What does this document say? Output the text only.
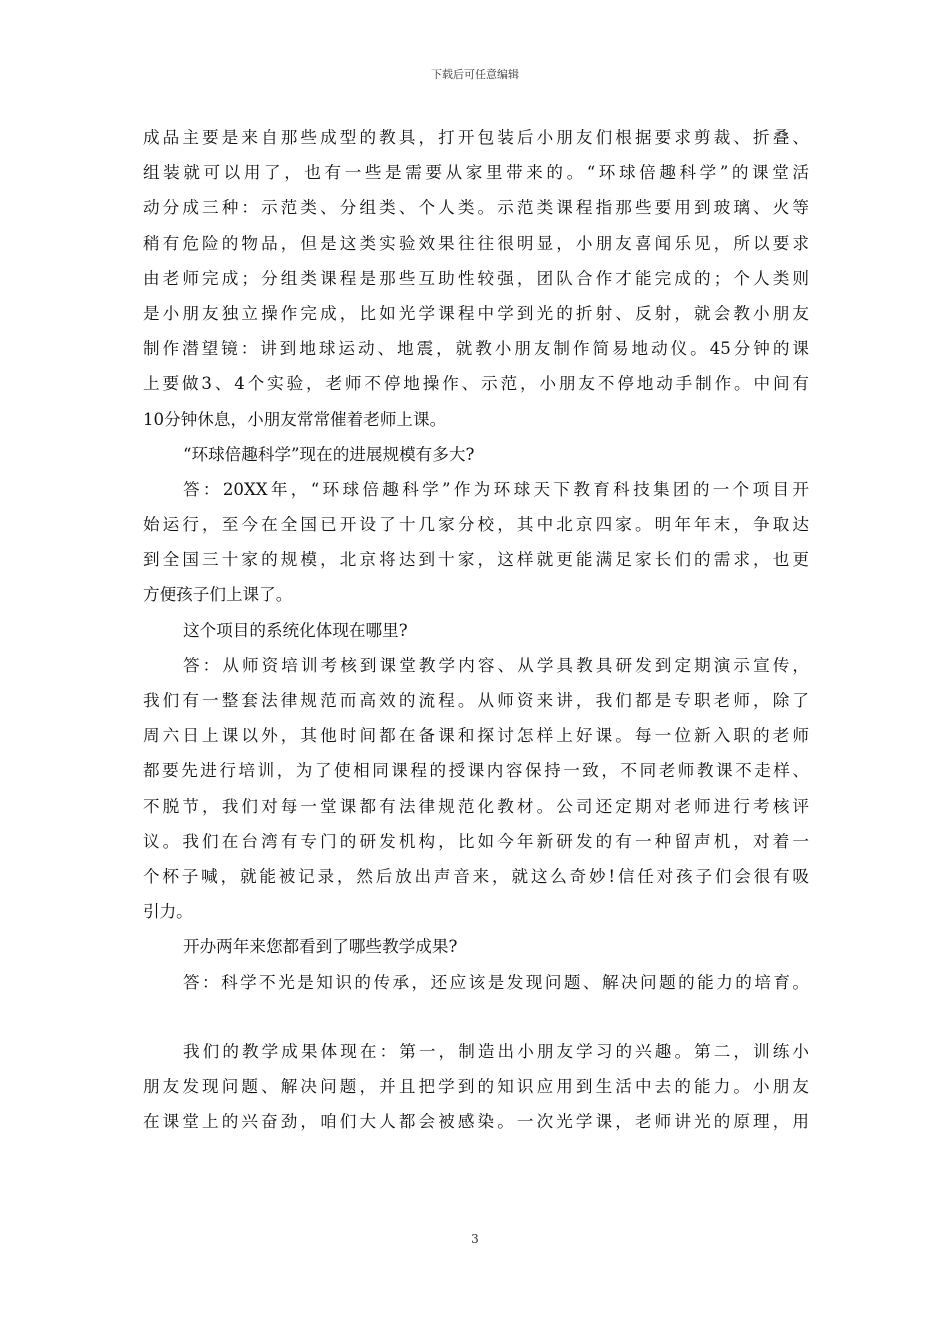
下载后可任意编辑
成品主要是来自那些成型的教具，打开包装后小朋友们根据要求剪裁、折叠、
组装就可以用了，也有一些是需要从家里带来的。“环球倍趣科学”的课堂活
动分成三种：示范类、分组类、个人类。示范类课程指那些要用到玻璃、火等
稍有危险的物品，但是这类实验效果往往很明显，小朋友喜闻乐见，所以要求
由老师完成；分组类课程是那些互助性较强，团队合作才能完成的；个人类则
是小朋友独立操作完成，比如光学课程中学到光的折射、反射，就会教小朋友
制作潜望镜：讲到地球运动、地震，就教小朋友制作简易地动仪。45分钟的课
上要做3、4个实验，老师不停地操作、示范，小朋友不停地动手制作。中间有
10分钟休息，小朋友常常催着老师上课。
“环球倍趣科学”现在的进展规模有多大?
答：20XX年，“环球倍趣科学”作为环球天下教育科技集团的一个项目开
始运行，至今在全国已开设了十几家分校，其中北京四家。明年年末，争取达
到全国三十家的规模，北京将达到十家，这样就更能满足家长们的需求，也更
方便孩子们上课了。
这个项目的系统化体现在哪里?
答：从师资培训考核到课堂教学内容、从学具教具研发到定期演示宣传，
我们有一整套法律规范而高效的流程。从师资来讲，我们都是专职老师，除了
周六日上课以外，其他时间都在备课和探讨怎样上好课。每一位新入职的老师
都要先进行培训，为了使相同课程的授课内容保持一致，不同老师教课不走样、
不脱节，我们对每一堂课都有法律规范化教材。公司还定期对老师进行考核评
议。我们在台湾有专门的研发机构，比如今年新研发的有一种留声机，对着一
个杯子喊，就能被记录，然后放出声音来，就这么奇妙!信任对孩子们会很有吸
引力。
开办两年来您都看到了哪些教学成果?
答：科学不光是知识的传承，还应该是发现问题、解决问题的能力的培育。
我们的教学成果体现在：第一，制造出小朋友学习的兴趣。第二，训练小
朋友发现问题、解决问题，并且把学到的知识应用到生活中去的能力。小朋友
在课堂上的兴奋劲，咱们大人都会被感染。一次光学课，老师讲光的原理，用
3
